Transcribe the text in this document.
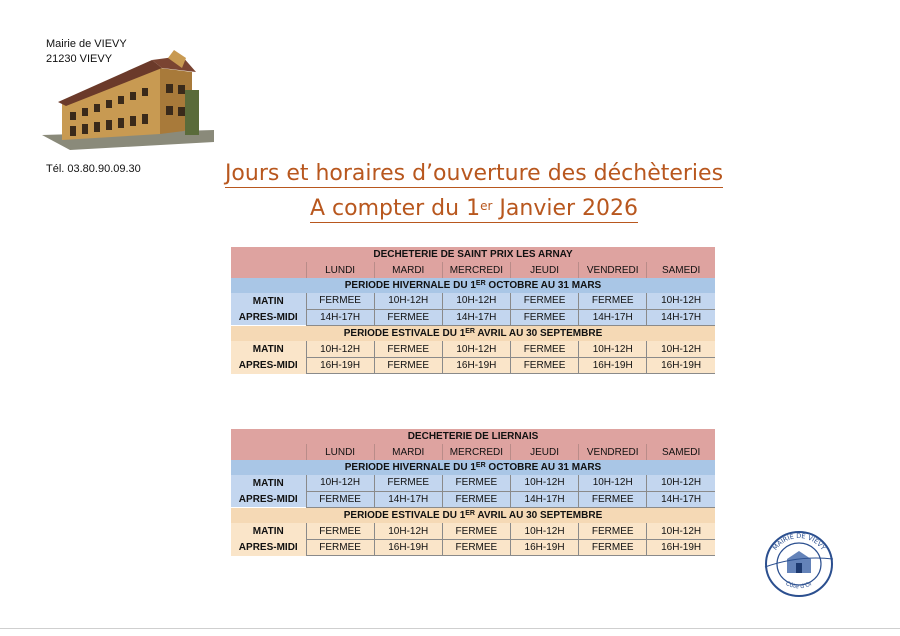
Mairie de VIEVY
21230 VIEVY
Tél. 03.80.90.09.30	Jours et horaires d’ouverture des déchèteries
A compter du 1er Janvier 2026
DECHETERIE DE SAINT PRIX LES ARNAY						
	LUNDI	MARDI	MERCREDI	JEUDI	VENDREDI	SAMEDI
PERIODE HIVERNALE DU 1ER OCTOBRE AU 31 MARS						
MATIN	FERMEE	10H-12H	10H-12H	FERMEE	FERMEE	10H-12H
APRES-MIDI	14H-17H	FERMEE	14H-17H	FERMEE	14H-17H	14H-17H
PERIODE ESTIVALE DU 1ER AVRIL AU 30 SEPTEMBRE						
MATIN	10H-12H	FERMEE	10H-12H	FERMEE	10H-12H	10H-12H
APRES-MIDI	16H-19H	FERMEE	16H-19H	FERMEE	16H-19H	16H-19H
DECHETERIE DE LIERNAIS						
	LUNDI	MARDI	MERCREDI	JEUDI	VENDREDI	SAMEDI
PERIODE HIVERNALE DU 1ER OCTOBRE AU 31 MARS						
MATIN	10H-12H	FERMEE	FERMEE	10H-12H	10H-12H	10H-12H
APRES-MIDI	FERMEE	14H-17H	FERMEE	14H-17H	FERMEE	14H-17H
PERIODE ESTIVALE DU 1ER AVRIL AU 30 SEPTEMBRE						
MATIN	FERMEE	10H-12H	FERMEE	10H-12H	FERMEE	10H-12H
APRES-MIDI	FERMEE	16H-19H	FERMEE	16H-19H	FERMEE	16H-19H	MAIRIE DE VIEVY
Côte d'Or
